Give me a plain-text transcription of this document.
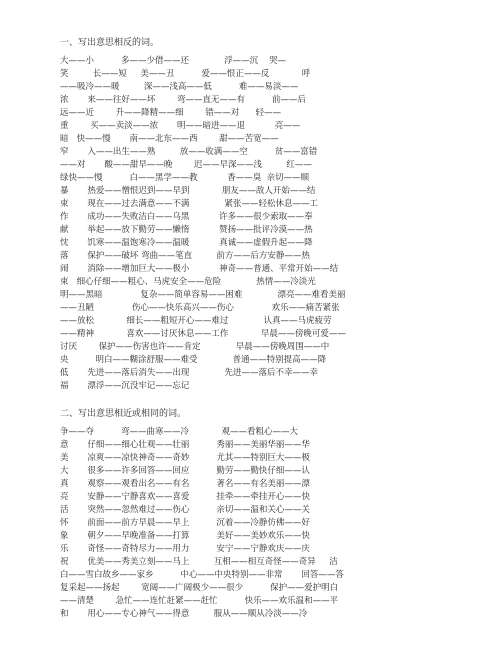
一、写出意思相反的词。
大——小          多——少借——还             浮——沉    哭—
笑         长——短     美——丑          爱——恨正——反            呼
——吸冷——暖         深——浅高——低          难——易淡——
浓       来——往好——坏        弯——直无——有          前——后
远——近        升——降精——细        错——对      轻——
重        买——卖淡——浓       明——暗进——退           亮——
暗   快——慢       南——北东——西        甜——苦宽——
窄       入——出生——熟         放——收满——空          贫——富错
——对       酸——甜早——晚        迟——早深——浅         红——
绿快——慢          白——黑学——教           香——臭  亲切——顺
暴       热爱——憎恨迟到——早到            朋友——敌人开始——结
束       现在——过去满意——不满             紧张——轻松休息——工
作       成功——失败洁白——乌黑           许多——很少索取——奉
献       举起——放下勤劳——懒惰           赞扬——批评冷漠——热
忱       饥寒——温饱寒冷——温暖           真诚——虚假升起——降
落       保护——破坏 弯曲——笔直         前方——后方安静——热
闹       消除——增加巨大——极小           神奇——普通、平常开始——结
束   细心仔细——粗心、马虎安全——危险             热情——冷淡光
明——黑暗              复杂——简单容易——困难             漂亮——难看美丽
——丑陋              伤心——快乐高兴——伤心              欢乐——痛苦紧张
——放松            细长——粗短开心——难过             认真——马虎疲劳
——精神            喜欢——讨厌休息——工作            早晨——傍晚可爱——
讨厌        保护——伤害也许——肯定             早晨——傍晚周围——中
央          明白——糊涂舒服——难受             普通——特别提高——降
低       先进——落后消失——出现             先进——落后不幸——幸
福       漂浮——沉没牢记——忘记
二、写出意思相近或相同的词。
争——夺          弯——曲寒——冷            观——看粗心——大
意       仔细——细心壮观——壮丽          秀丽——美丽华丽——华
美       凉爽——凉快神奇——奇妙          尤其——特别巨大——极
大       很多——许多回答——回应          勤劳——勤快仔细——认
真       观察——观看出名——有名          著名——有名美丽——漂
亮       安静——宁静喜欢——喜爱          挂牵——牵挂开心——快
活       突然——忽然难过——伤心          亲切——温和关心——关
怀       前面——前方早晨——早上          沉着——冷静仿佛——好
象       朝夕——早晚准备——打算          美好——美妙欢乐——快
乐       奇怪——奇特尽力——用力          安宁——宁静欢庆——庆
祝       优美——秀美立刻——马上         互相——相互奇怪——奇异     洁
白——雪白故乡——家乡          中心——中央特别——非常       回答——答
复采起——扬起        宽阔——广阔极少——很少          保护——爱护明白
——清楚        急忙——连忙赶紧——赶忙          快乐——欢乐温和——平
和       用心——专心神气——得意         服从——顺从冷淡——冷
